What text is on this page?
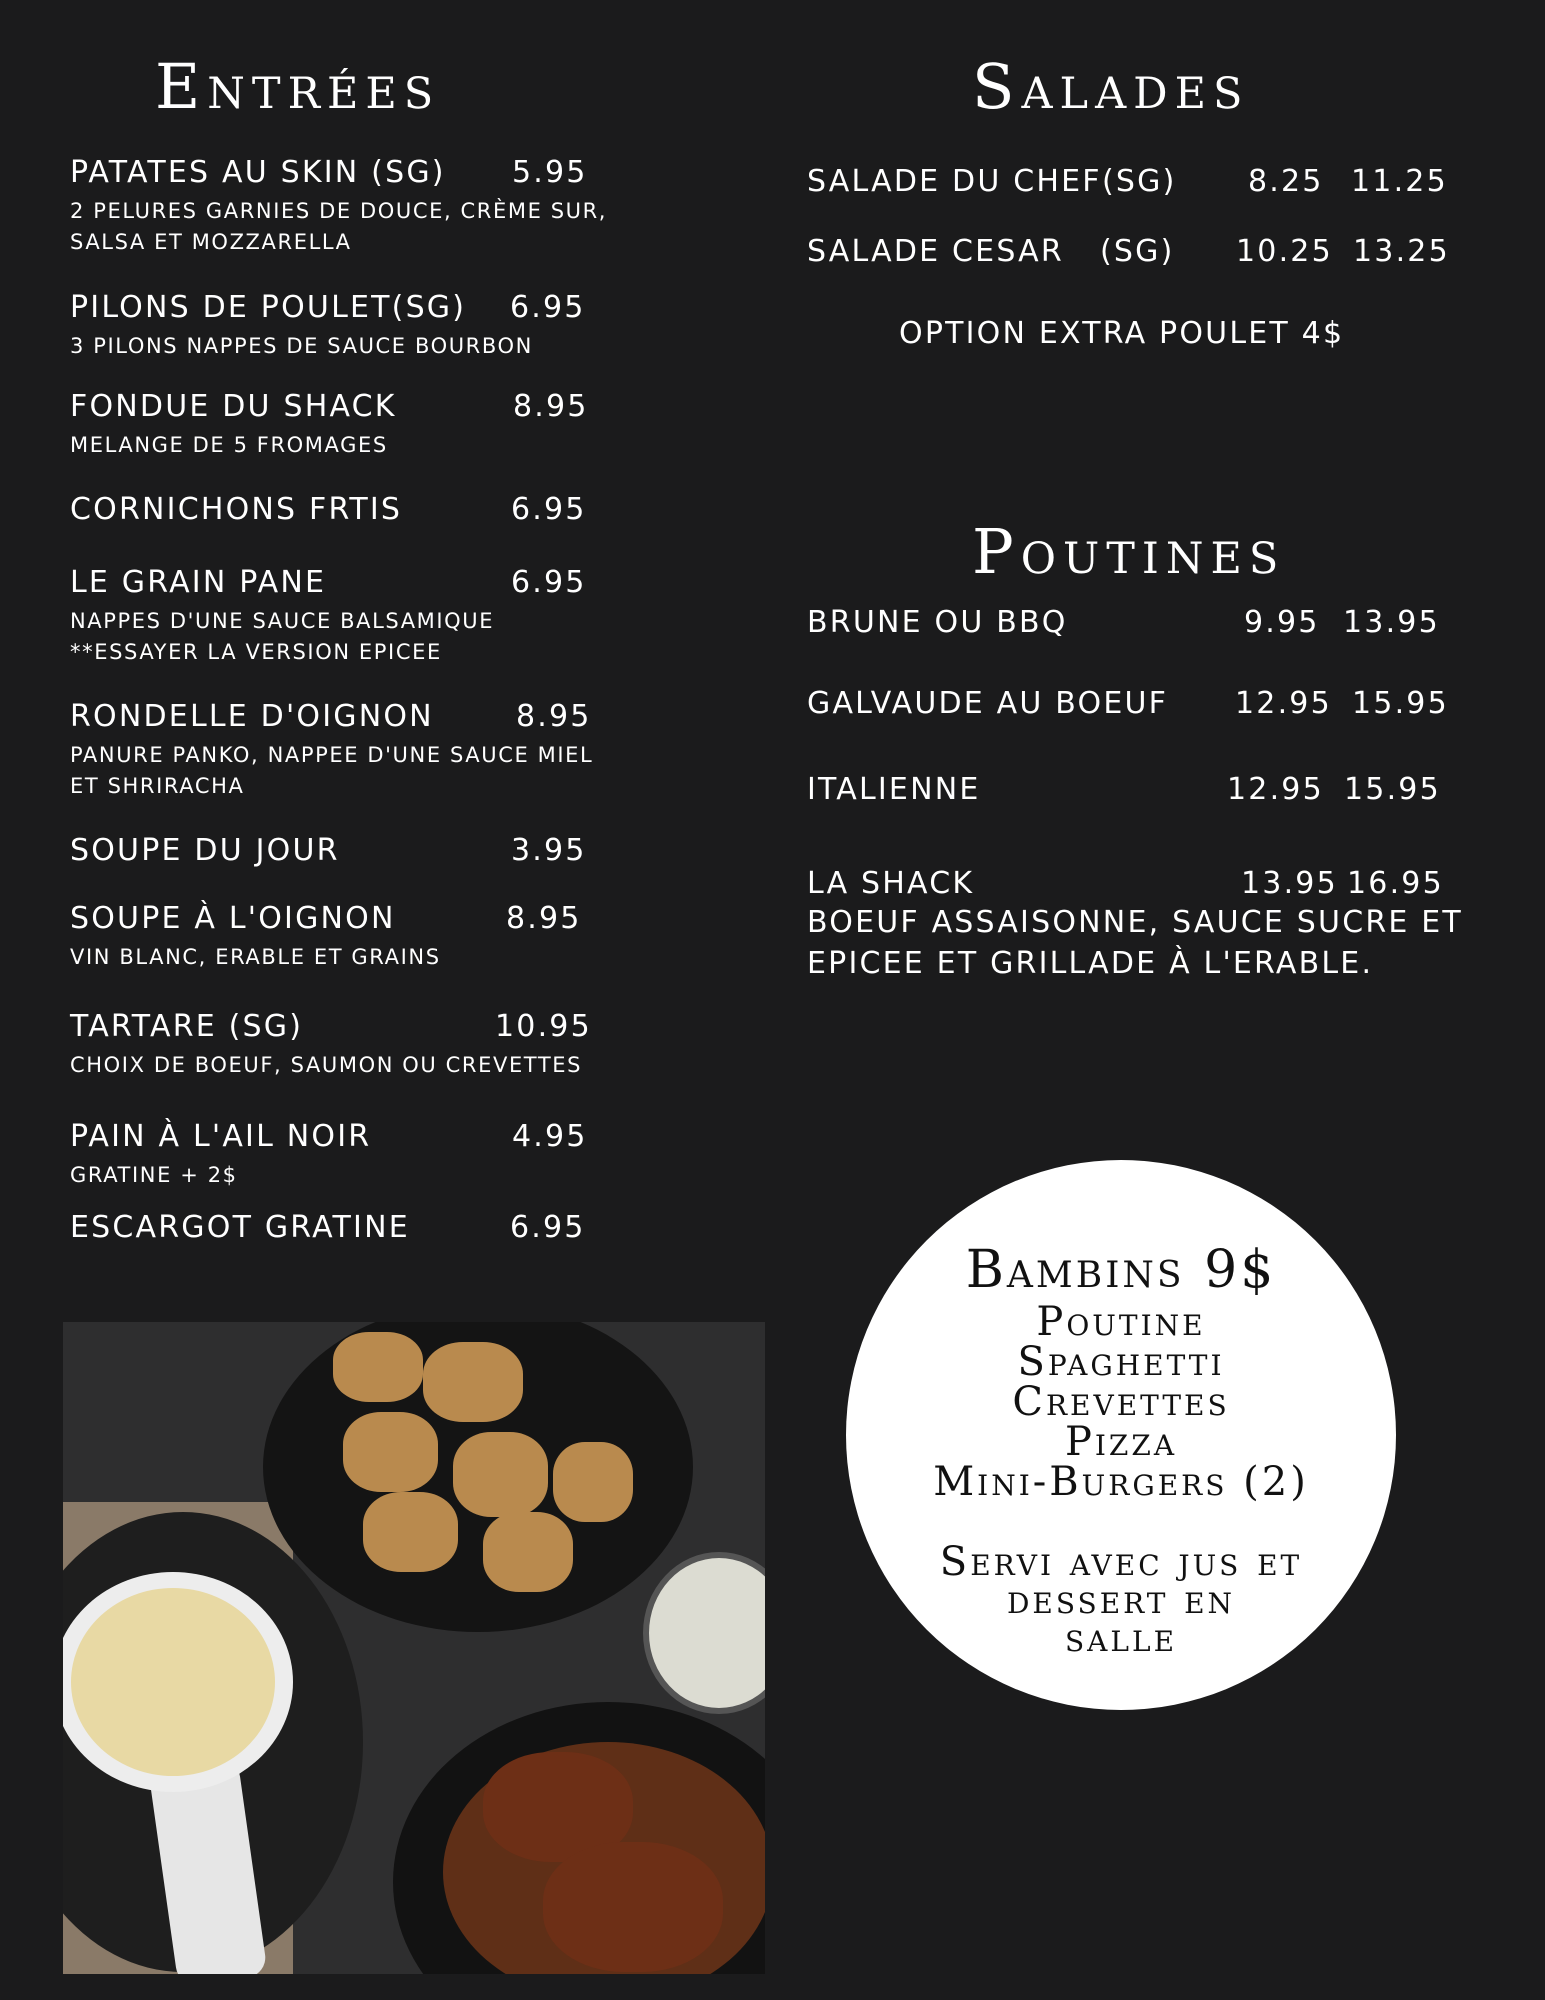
Entrées
PATATES AU SKIN (SG) 5.95
2 PELURES GARNIES DE DOUCE, CRÈME SUR,
SALSA ET MOZZARELLA
PILONS DE POULET(SG) 6.95
3 PILONS NAPPES DE SAUCE BOURBON
FONDUE DU SHACK	8.95
MELANGE DE 5 FROMAGES
CORNICHONS FRTIS	6.95
LE GRAIN PANE	6.95
NAPPES D'UNE SAUCE BALSAMIQUE
**ESSAYER LA VERSION EPICEE
RONDELLE D'OIGNON	8.95
PANURE PANKO, NAPPEE D'UNE SAUCE MIEL
ET SHRIRACHA
SOUPE DU JOUR	3.95
SOUPE À L'OIGNON	8.95
VIN BLANC, ERABLE ET GRAINS
TARTARE (SG)	10.95
CHOIX DE BOEUF, SAUMON OU CREVETTES
PAIN À L'AIL NOIR	4.95
GRATINE + 2$
ESCARGOT GRATINE	6.95
Salades
SALADE DU CHEF (SG) 8.25 11.25
SALADE CESAR (SG) 10.25 13.25
OPTION EXTRA POULET 4$
Poutines
BRUNE OU BBQ	9.95 13.95
GALVAUDE AU BOEUF 12.95 15.95
ITALIENNE	12.95 15.95
LA SHACK	13.95 16.95
BOEUF ASSAISONNE, SAUCE SUCRE ET
EPICEE ET GRILLADE À L'ERABLE.
Bambins 9$
Poutine
Spaghetti
Crevettes
Pizza
Mini-Burgers (2)
Servi avec jus et
dessert en
salle
